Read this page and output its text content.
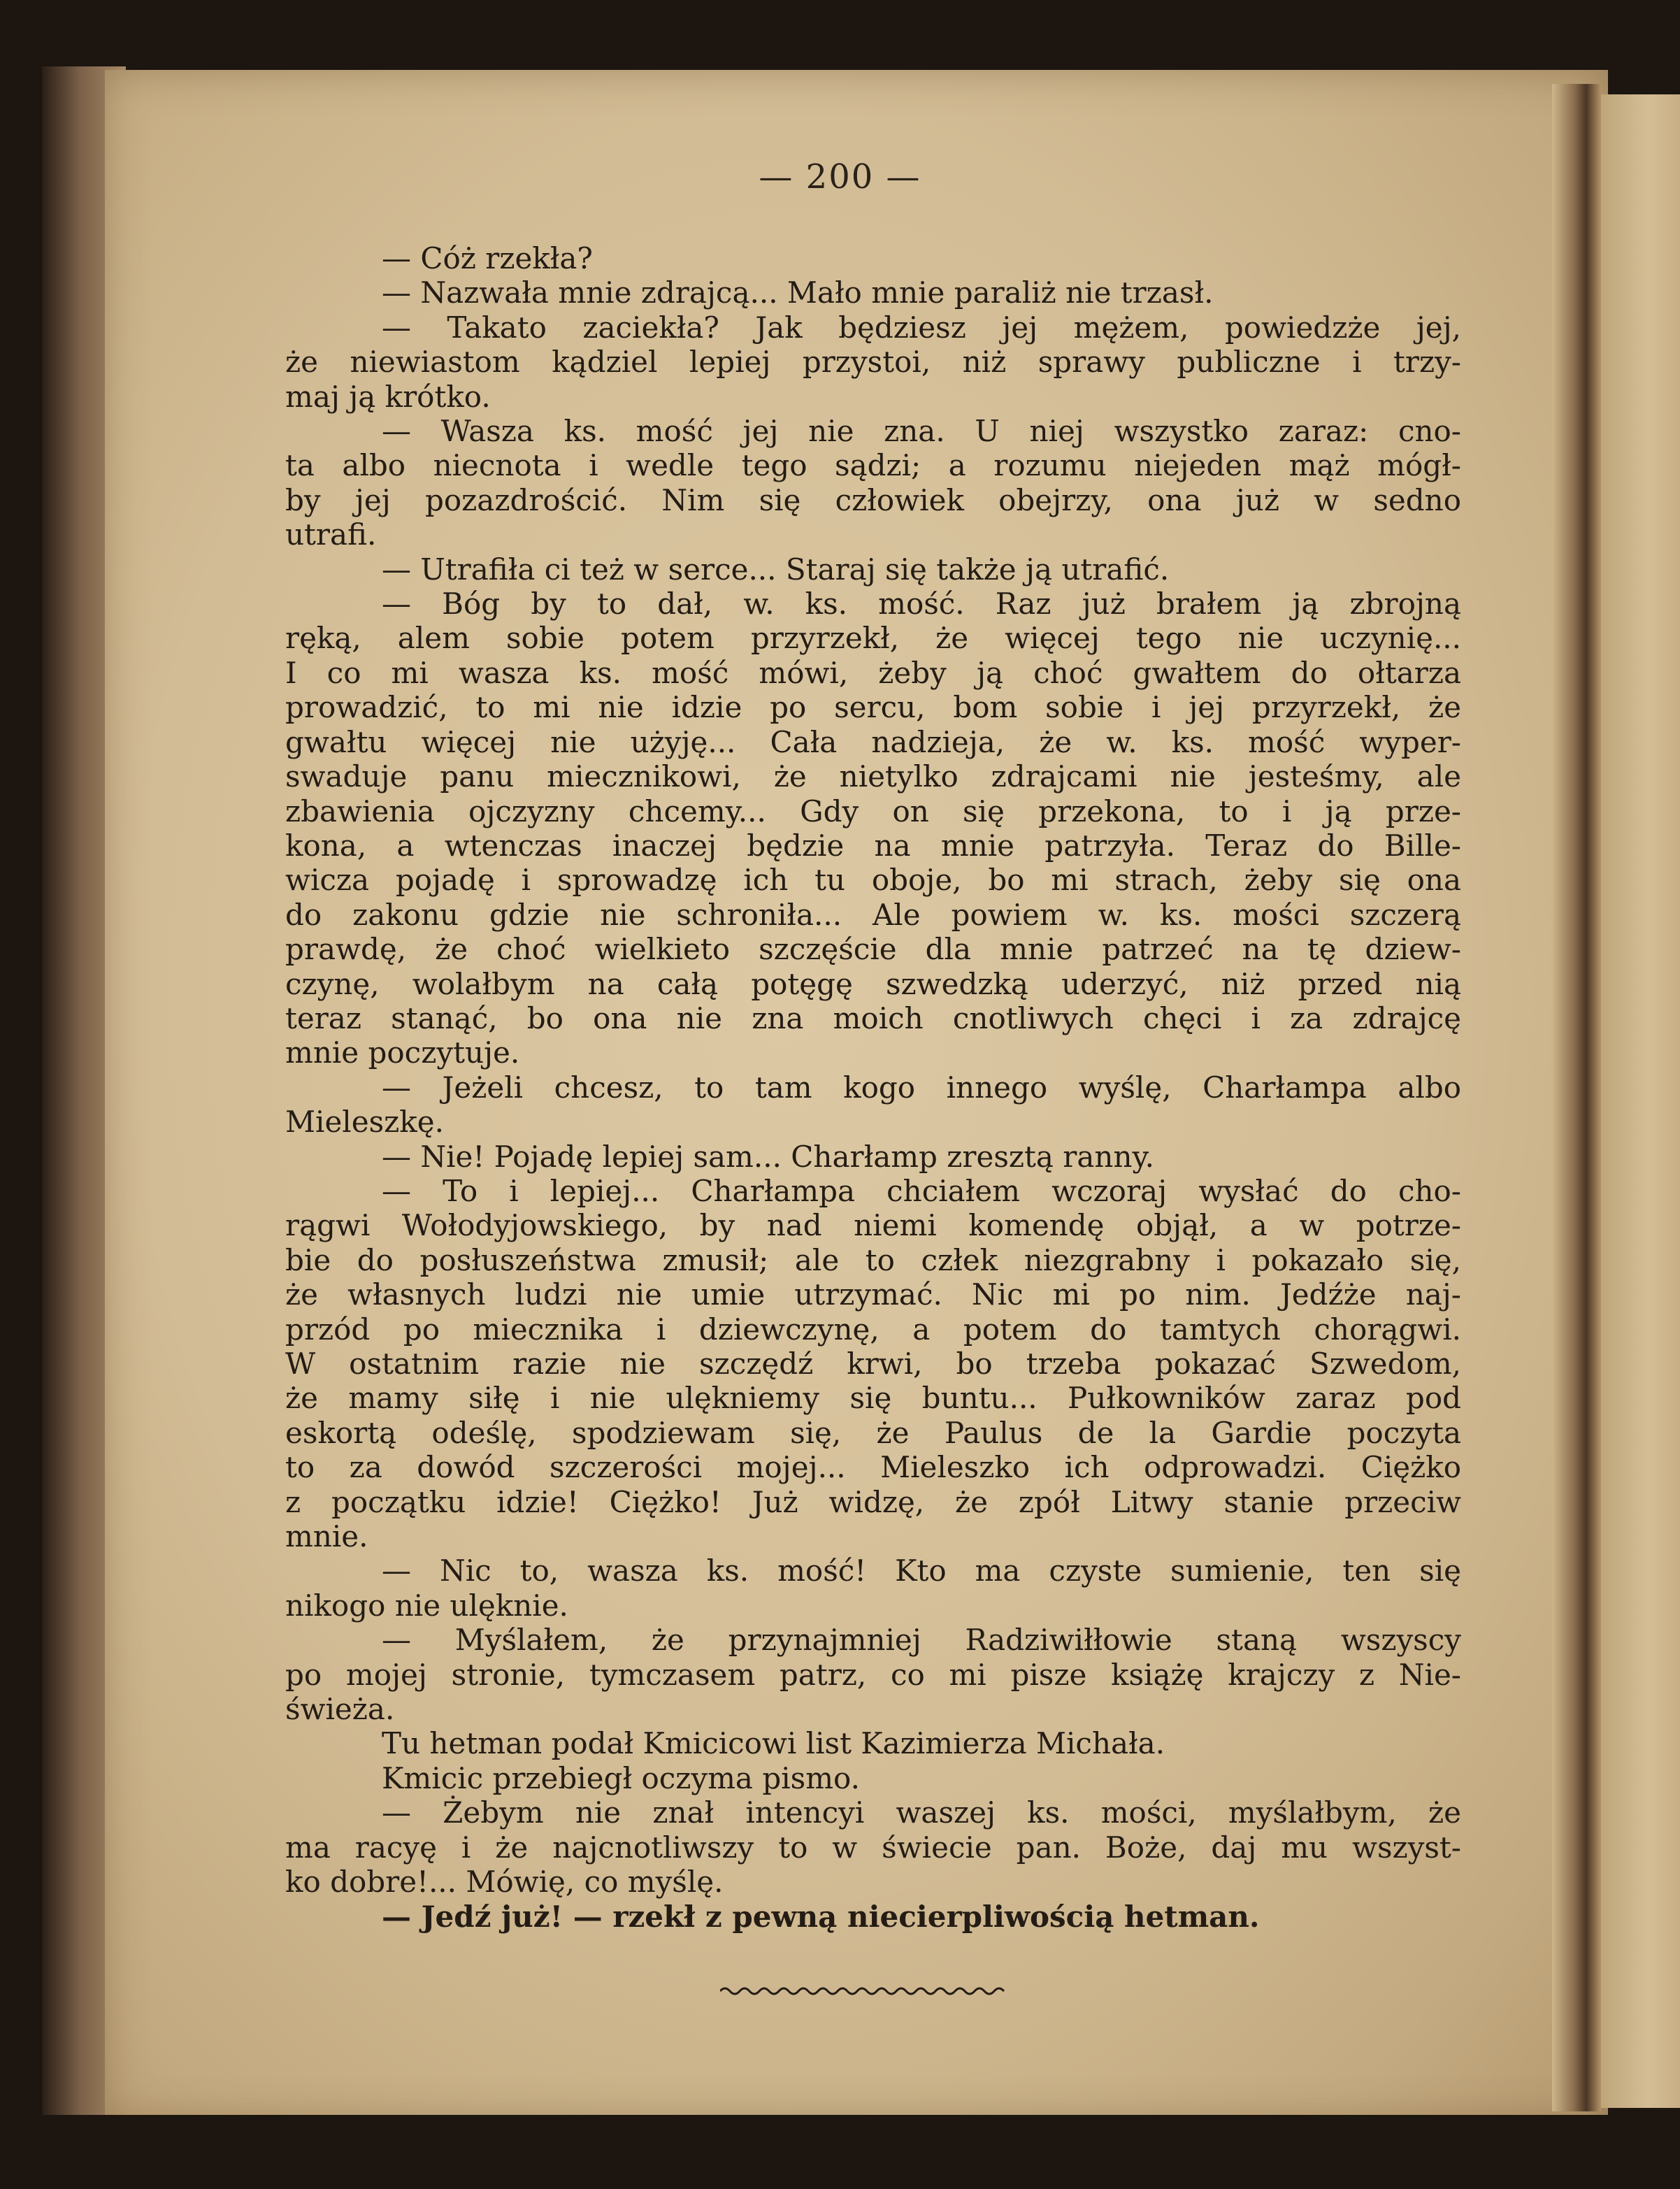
— 200 —
— Cóż rzekła?
— Nazwała mnie zdrajcą... Mało mnie paraliż nie trzasł.
— Takato zaciekła? Jak będziesz jej mężem, powiedzże jej,
że niewiastom kądziel lepiej przystoi, niż sprawy publiczne i trzy-
maj ją krótko.
— Wasza ks. mość jej nie zna. U niej wszystko zaraz: cno-
ta albo niecnota i wedle tego sądzi; a rozumu niejeden mąż mógł-
by jej pozazdrościć. Nim się człowiek obejrzy, ona już w sedno
utrafi.
— Utrafiła ci też w serce... Staraj się także ją utrafić.
— Bóg by to dał, w. ks. mość. Raz już brałem ją zbrojną
ręką, alem sobie potem przyrzekł, że więcej tego nie uczynię...
I co mi wasza ks. mość mówi, żeby ją choć gwałtem do ołtarza
prowadzić, to mi nie idzie po sercu, bom sobie i jej przyrzekł, że
gwałtu więcej nie użyję... Cała nadzieja, że w. ks. mość wyper-
swaduje panu miecznikowi, że nietylko zdrajcami nie jesteśmy, ale
zbawienia ojczyzny chcemy... Gdy on się przekona, to i ją prze-
kona, a wtenczas inaczej będzie na mnie patrzyła. Teraz do Bille-
wicza pojadę i sprowadzę ich tu oboje, bo mi strach, żeby się ona
do zakonu gdzie nie schroniła... Ale powiem w. ks. mości szczerą
prawdę, że choć wielkieto szczęście dla mnie patrzeć na tę dziew-
czynę, wolałbym na całą potęgę szwedzką uderzyć, niż przed nią
teraz stanąć, bo ona nie zna moich cnotliwych chęci i za zdrajcę
mnie poczytuje.
— Jeżeli chcesz, to tam kogo innego wyślę, Charłampa albo
Mieleszkę.
— Nie! Pojadę lepiej sam... Charłamp zresztą ranny.
— To i lepiej... Charłampa chciałem wczoraj wysłać do cho-
rągwi Wołodyjowskiego, by nad niemi komendę objął, a w potrze-
bie do posłuszeństwa zmusił; ale to człek niezgrabny i pokazało się,
że własnych ludzi nie umie utrzymać. Nic mi po nim. Jedźże naj-
przód po miecznika i dziewczynę, a potem do tamtych chorągwi.
W ostatnim razie nie szczędź krwi, bo trzeba pokazać Szwedom,
że mamy siłę i nie ulękniemy się buntu... Pułkowników zaraz pod
eskortą odeślę, spodziewam się, że Paulus de la Gardie poczyta
to za dowód szczerości mojej... Mieleszko ich odprowadzi. Ciężko
z początku idzie! Ciężko! Już widzę, że zpół Litwy stanie przeciw
mnie.
— Nic to, wasza ks. mość! Kto ma czyste sumienie, ten się
nikogo nie ulęknie.
— Myślałem, że przynajmniej Radziwiłłowie staną wszyscy
po mojej stronie, tymczasem patrz, co mi pisze książę krajczy z Nie-
świeża.
Tu hetman podał Kmicicowi list Kazimierza Michała.
Kmicic przebiegł oczyma pismo.
— Żebym nie znał intencyi waszej ks. mości, myślałbym, że
ma racyę i że najcnotliwszy to w świecie pan. Boże, daj mu wszyst-
ko dobre!... Mówię, co myślę.
— Jedź już! — rzekł z pewną niecierpliwością hetman.
